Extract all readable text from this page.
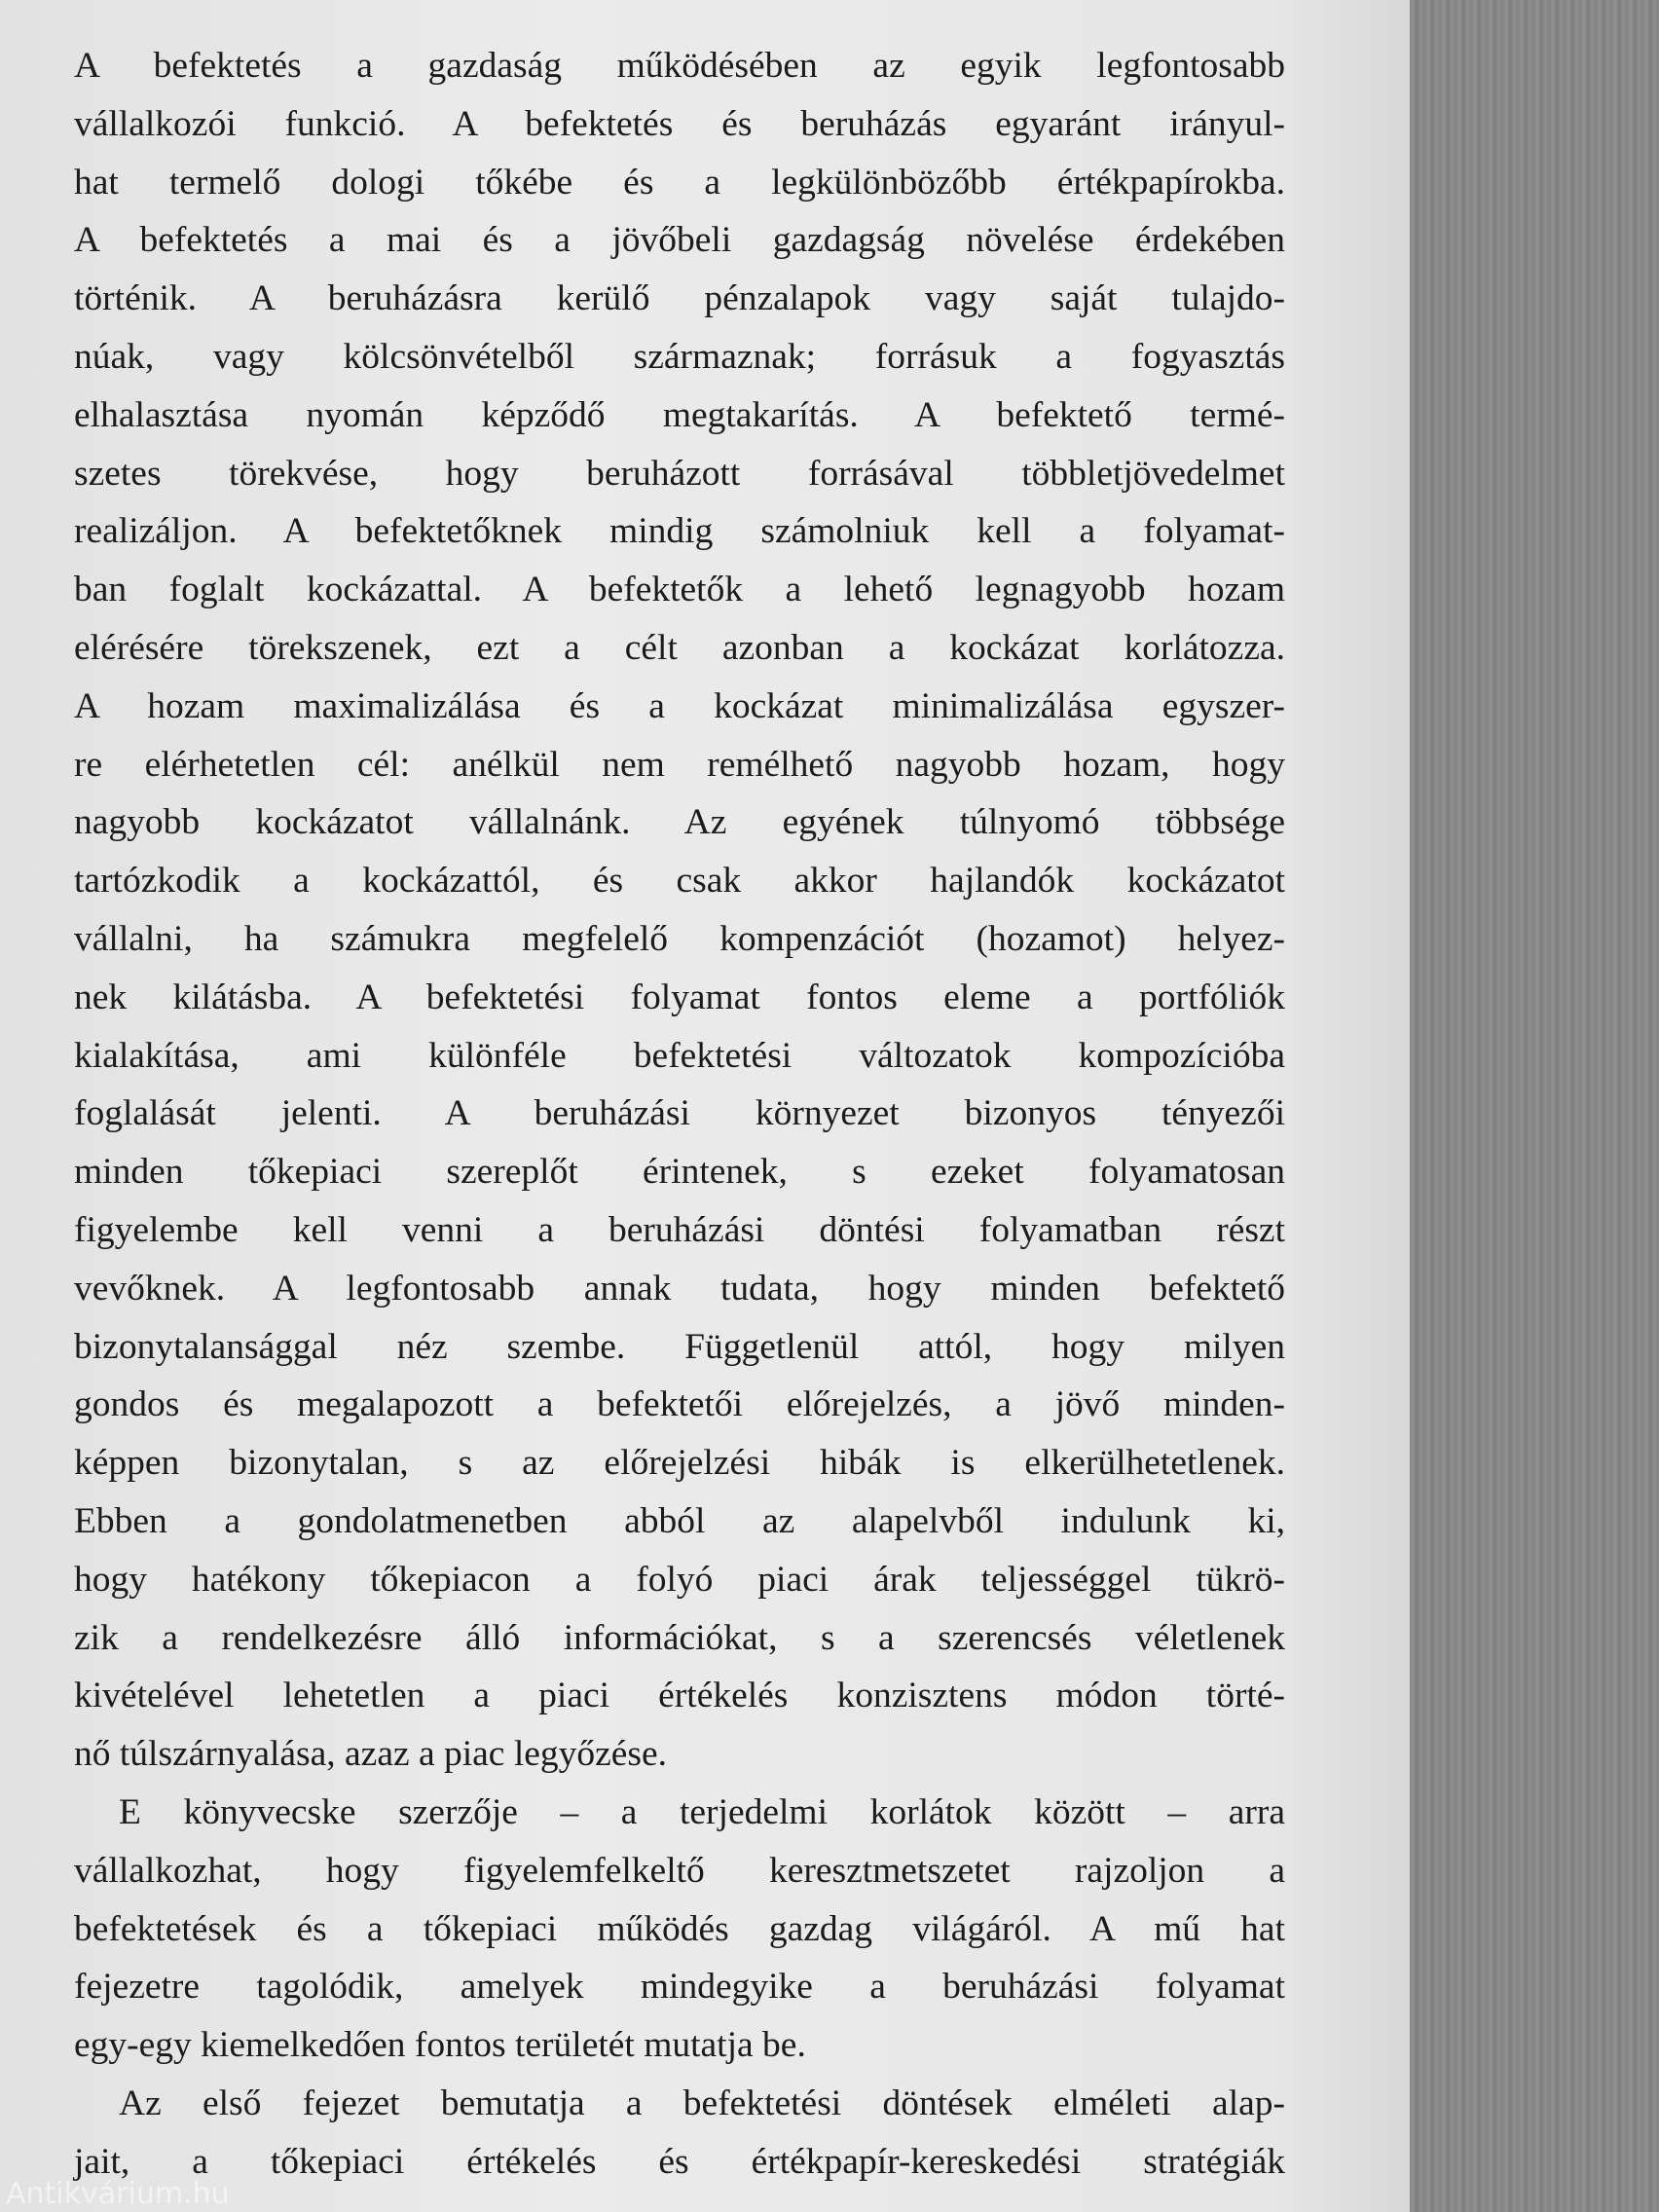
A befektetés a gazdaság működésében az egyik legfontosabb

vállalkozói funkció. A befektetés és beruházás egyaránt irányul-

hat termelő dologi tőkébe és a legkülönbözőbb értékpapírokba.

A befektetés a mai és a jövőbeli gazdagság növelése érdekében

történik. A beruházásra kerülő pénzalapok vagy saját tulajdo-

núak, vagy kölcsönvételből származnak; forrásuk a fogyasztás

elhalasztása nyomán képződő megtakarítás. A befektető termé-

szetes törekvése, hogy beruházott forrásával többletjövedelmet

realizáljon. A befektetőknek mindig számolniuk kell a folyamat-

ban foglalt kockázattal. A befektetők a lehető legnagyobb hozam

elérésére törekszenek, ezt a célt azonban a kockázat korlátozza.

A hozam maximalizálása és a kockázat minimalizálása egyszer-

re elérhetetlen cél: anélkül nem remélhető nagyobb hozam, hogy

nagyobb kockázatot vállalnánk. Az egyének túlnyomó többsége

tartózkodik a kockázattól, és csak akkor hajlandók kockázatot

vállalni, ha számukra megfelelő kompenzációt (hozamot) helyez-

nek kilátásba. A befektetési folyamat fontos eleme a portfóliók

kialakítása, ami különféle befektetési változatok kompozícióba

foglalását jelenti. A beruházási környezet bizonyos tényezői

minden tőkepiaci szereplőt érintenek, s ezeket folyamatosan

figyelembe kell venni a beruházási döntési folyamatban részt

vevőknek. A legfontosabb annak tudata, hogy minden befektető

bizonytalansággal néz szembe. Függetlenül attól, hogy milyen

gondos és megalapozott a befektetői előrejelzés, a jövő minden-

képpen bizonytalan, s az előrejelzési hibák is elkerülhetetlenek.

Ebben a gondolatmenetben abból az alapelvből indulunk ki,

hogy hatékony tőkepiacon a folyó piaci árak teljességgel tükrö-

zik a rendelkezésre álló információkat, s a szerencsés véletlenek

kivételével lehetetlen a piaci értékelés konzisztens módon törté-

nő túlszárnyalása, azaz a piac legyőzése.

E könyvecske szerzője – a terjedelmi korlátok között – arra

vállalkozhat, hogy figyelemfelkeltő keresztmetszetet rajzoljon a

befektetések és a tőkepiaci működés gazdag világáról. A mű hat

fejezetre tagolódik, amelyek mindegyike a beruházási folyamat

egy-egy kiemelkedően fontos területét mutatja be.

Az első fejezet bemutatja a befektetési döntések elméleti alap-

jait, a tőkepiaci értékelés és értékpapír-kereskedési stratégiák

Antikvárium.hu
